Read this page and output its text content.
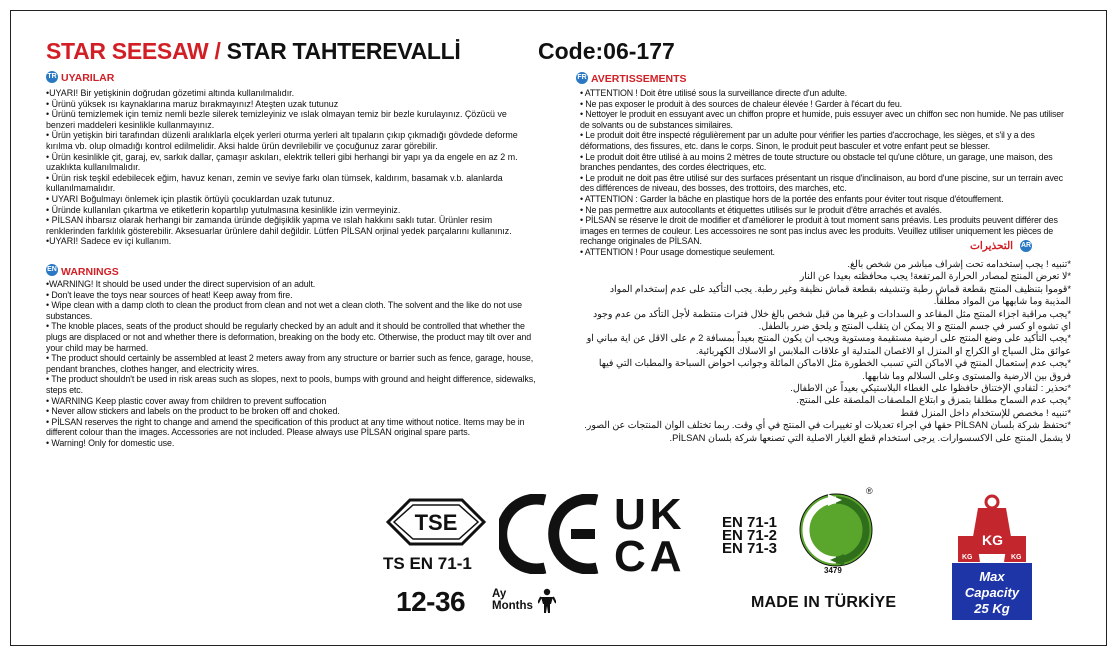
STAR SEESAW / STAR TAHTEREVALLİ	Code:06-177
TR UYARILAR
•UYARI! Bir yetişkinin doğrudan gözetimi altında kullanılmalıdır.
• Ürünü yüksek ısı kaynaklarına maruz bırakmayınız! Ateşten uzak tutunuz
• Ürünü temizlemek için temiz nemli bezle silerek temizleyiniz ve ıslak olmayan temiz bir bezle kurulayınız. Çözücü ve benzeri maddeleri kesinlikle kullanmayınız.
• Ürün yetişkin biri tarafından düzenli aralıklarla elçek yerleri oturma yerleri alt tıpaların çıkıp çıkmadığı gövdede deforme kırılma vb. olup olmadığı kontrol edilmelidir. Aksi halde ürün devrilebilir ve çocuğunuz zarar görebilir.
• Ürün kesinlikle çit, garaj, ev, sarkık dallar, çamaşır askıları, elektrik telleri gibi herhangi bir yapı ya da engele en az 2 m. uzaklıkta kullanılmalıdır.
• Ürün risk teşkil edebilecek eğim, havuz kenarı, zemin ve seviye farkı olan tümsek, kaldırım, basamak v.b. alanlarda kullanılmamalıdır.
• UYARI Boğulmayı önlemek için plastik örtüyü çocuklardan uzak tutunuz.
• Üründe kullanılan çıkartma ve etiketlerin kopartılıp yutulmasına kesinlikle izin vermeyiniz.
• PİLSAN ihbarsız olarak herhangi bir zamanda üründe değişiklik yapma ve ıslah hakkını saklı tutar. Ürünler resim renklerinden farklılık gösterebilir. Aksesuarlar ürünlere dahil değildir. Lütfen PİLSAN orjinal yedek parçalarını kullanınız.
•UYARI! Sadece ev içi kullanım.
EN WARNINGS
•WARNING! It should be used under the direct supervision of an adult.
• Don't leave the toys near sources of heat! Keep away from fire.
• Wipe clean with a damp cloth to clean the product from clean and not wet a clean cloth. The solvent and the like do not use substances.
• The knoble places, seats of the product should be regularly checked by an adult and it should be controlled that whether the plugs are displaced or not and whether there is deformation, breaking on the body etc. Otherwise, the product may tilt over and your child may be harmed.
• The product should certainly be assembled at least 2 meters away from any structure or barrier such as fence, garage, house, pendant branches, clothes hanger, and electricity wires.
• The product shouldn't be used in risk areas such as slopes, next to pools, bumps with ground and height difference, sidewalks, steps etc.
• WARNING Keep plastic cover away from children to prevent suffocation
• Never allow stickers and labels on the product to be broken off and choked.
• PİLSAN reserves the right to change and amend the specification of this product at any time without notice. Items may be in different colour than the images. Accessories are not included. Please always use PİLSAN original spare parts.
• Warning! Only for domestic use.
FR AVERTISSEMENTS
• ATTENTION ! Doit être utilisé sous la surveillance directe d'un adulte.
• Ne pas exposer le produit à des sources de chaleur élevée ! Garder à l'écart du feu.
• Nettoyer le produit en essuyant avec un chiffon propre et humide, puis essuyer avec un chiffon sec non humide. Ne pas utiliser de solvants ou de substances similaires.
• Le produit doit être inspecté régulièrement par un adulte pour vérifier les parties d'accrochage, les sièges, et s'il y a des déformations, des fissures, etc. dans le corps. Sinon, le produit peut basculer et votre enfant peut se blesser.
• Le produit doit être utilisé à au moins 2 mètres de toute structure ou obstacle tel qu'une clôture, un garage, une maison, des branches pendantes, des cordes électriques, etc.
• Le produit ne doit pas être utilisé sur des surfaces présentant un risque d'inclinaison, au bord d'une piscine, sur un terrain avec des différences de niveau, des bosses, des trottoirs, des marches, etc.
• ATTENTION : Garder la bâche en plastique hors de la portée des enfants pour éviter tout risque d'étouffement.
• Ne pas permettre aux autocollants et étiquettes utilisés sur le produit d'être arrachés et avalés.
• PİLSAN se réserve le droit de modifier et d'améliorer le produit à tout moment sans préavis. Les produits peuvent différer des images en termes de couleur. Les accessoires ne sont pas inclus avec les produits. Veuillez utiliser uniquement les pièces de rechange originales de PİLSAN.
• ATTENTION ! Pour usage domestique seulement.
AR
التحذيرات
*تنبيه ! يجب إستخدامه تحت إشراف مباشر من شخص بالغ.
*لا تعرض المنتج لمصادر الحرارة المرتفعة! يجب محافظته بعيدا عن النار
*قوموا بتنظيف المنتج بقطعة قماش رطبة وتنشيفه بقطعة قماش نظيفة وغير رطبة. يجب التأكيد على عدم إستخدام المواد المذيبة وما شابهها من المواد مطلقاً.
*يجب مراقبة اجزاء المنتج مثل المقاعد و السدادات و غيرها من قبل شخص بالغ خلال فترات منتظمة لأجل التأكد من عدم وجود اي تشوه او كسر في جسم المنتج و الا يمكن ان يتقلب المنتج و يلحق ضرر بالطفل.
*يجب التأكيد على وضع المنتج على ارضية مستقيمة ومستوية ويجب ان يكون المنتج بعيداً بمسافة 2 م على الاقل عن اية مباني او عوائق مثل السياج او الكراج او المنزل او الاغصان المتدلية او علاقات الملابس او الاسلاك الكهربائية.
*يجب عدم إستعمال المنتج في الاماكن التي تسبب الخطورة مثل الاماكن المائلة وجوانب احواض السباحة والمطبات التي فيها فروق بين الارضية والمستوى وعلى السلالم وما شابهها.
*تحذير : لتفادي الإختناق حافظوا على الغطاء البلاستيكي بعيداً عن الاطفال.
*يجب عدم السماح مطلقا بتمزق و ابتلاع الملصقات الملصقة على المنتج.
*تنبيه ! مخصص للإستخدام داخل المنزل فقط
*تحتفظ شركة بلسان PİLSAN حقها في اجراء تعديلات او تغييرات في المنتج في أي وقت. ربما تختلف الوان المنتجات عن الصور. لا يشمل المنتج على الاكسسوارات. يرجى استخدام قطع الغيار الاصلية التي تصنعها شركة بلسان PİLSAN.
TSE
TS EN 71-1
12-36 Ay
Months
UK
CA
EN 71-1
EN 71-2
EN 71-3
3479
®
MADE IN TÜRKİYE
KG
KG	KG
Max Capacity
25 Kg
